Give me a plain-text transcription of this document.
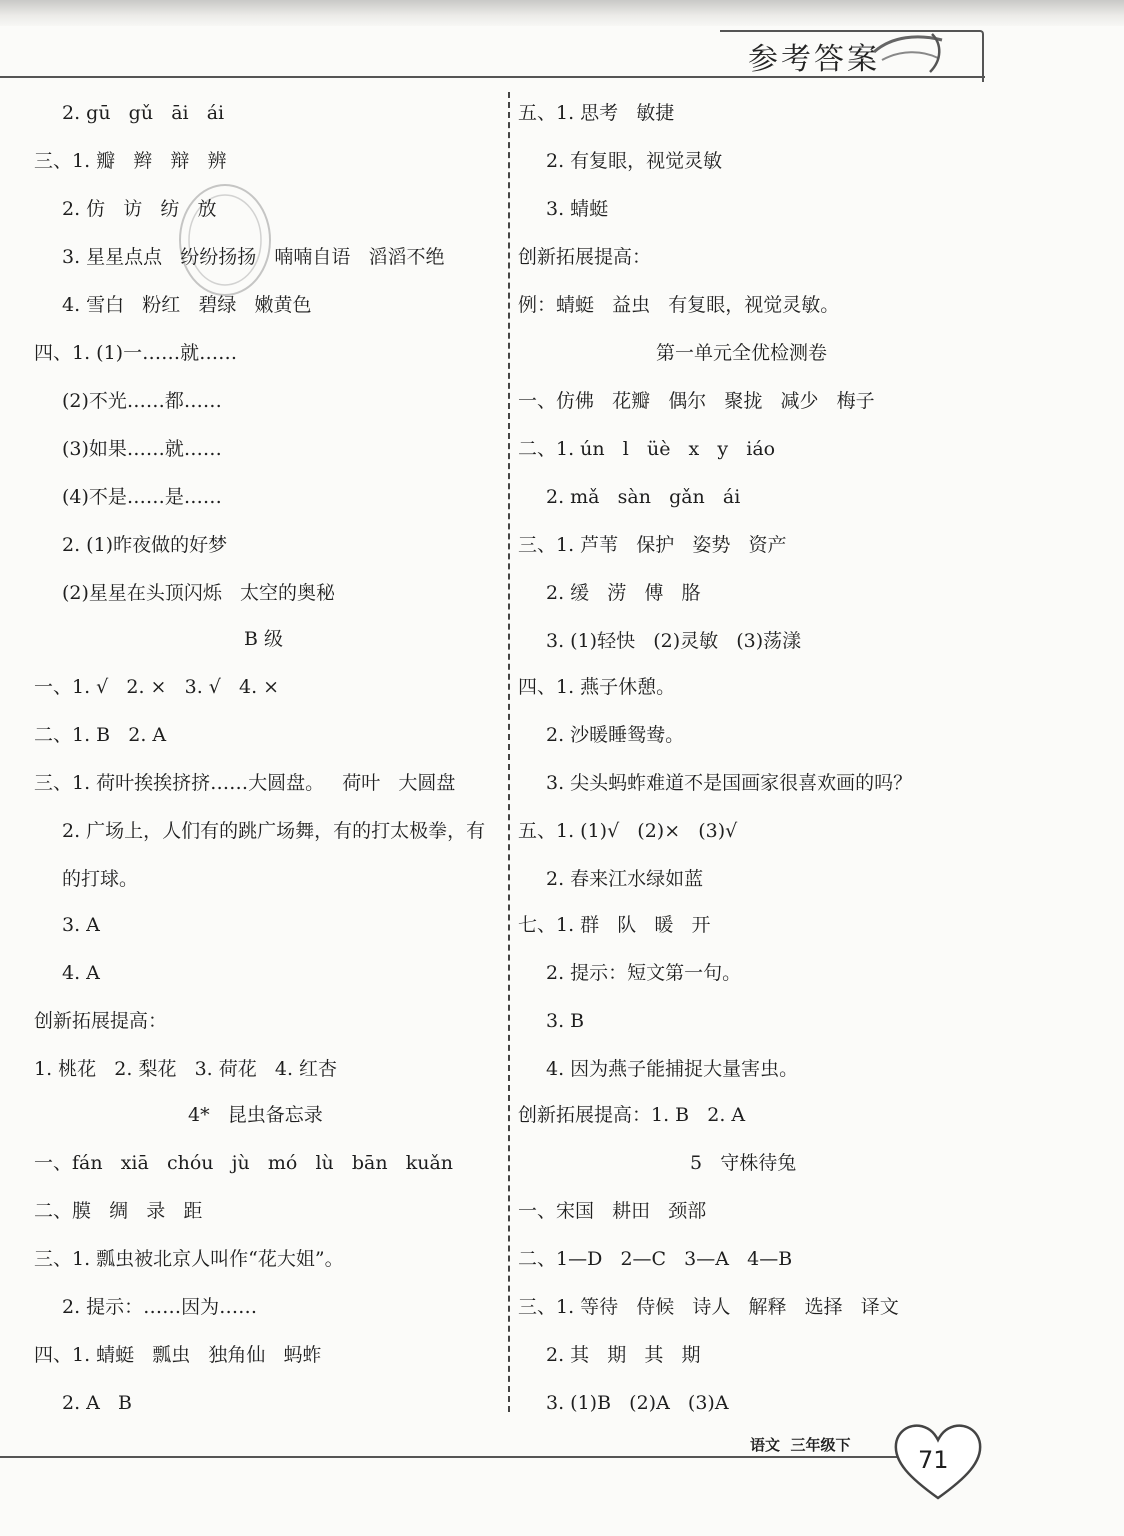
参考答案
2. gū   gǔ   āi   ái
三、1. 瓣   辫   辩   辨
2. 仿   访   纺   放
3. 星星点点   纷纷扬扬   喃喃自语   滔滔不绝
4. 雪白   粉红   碧绿   嫩黄色
四、1. (1)一……就……
(2)不光……都……
(3)如果……就……
(4)不是……是……
2. (1)昨夜做的好梦
(2)星星在头顶闪烁   太空的奥秘
B 级
一、1. √   2. ×   3. √   4. ×
二、1. B   2. A
三、1. 荷叶挨挨挤挤……大圆盘。   荷叶   大圆盘
2. 广场上，人们有的跳广场舞，有的打太极拳，有
的打球。
3. A
4. A
创新拓展提高：
1. 桃花   2. 梨花   3. 荷花   4. 红杏
4*   昆虫备忘录
一、fán   xiā   chóu   jù   mó   lù   bān   kuǎn
二、膜   绸   录   距
三、1. 瓢虫被北京人叫作“花大姐”。
2. 提示：……因为……
四、1. 蜻蜓   瓢虫   独角仙   蚂蚱
2. A   B
五、1. 思考   敏捷
2. 有复眼，视觉灵敏
3. 蜻蜓
创新拓展提高：
例：蜻蜓   益虫   有复眼，视觉灵敏。
第一单元全优检测卷
一、仿佛   花瓣   偶尔   聚拢   减少   梅子
二、1. ún   l   üè   x   y   iáo
2. mǎ   sàn   gǎn   ái
三、1. 芦苇   保护   姿势   资产
2. 缓   涝   傅   胳
3. (1)轻快   (2)灵敏   (3)荡漾
四、1. 燕子休憩。
2. 沙暖睡鸳鸯。
3. 尖头蚂蚱难道不是国画家很喜欢画的吗？
五、1. (1)√   (2)×   (3)√
2. 春来江水绿如蓝
七、1. 群   队   暖   开
2. 提示：短文第一句。
3. B
4. 因为燕子能捕捉大量害虫。
创新拓展提高：1. B   2. A
5   守株待兔
一、宋国   耕田   颈部
二、1—D   2—C   3—A   4—B
三、1. 等待   侍候   诗人   解释   选择   译文
2. 其   期   其   期
3. (1)B   (2)A   (3)A
语文 三年级下
71
